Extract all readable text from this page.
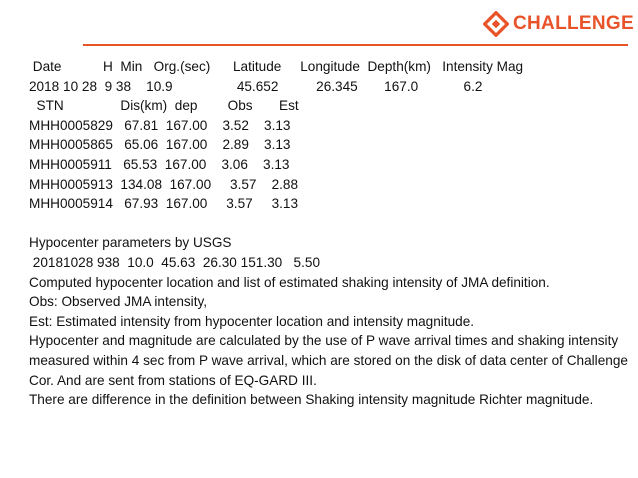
CHALLENGE
Date           H  Min   Org.(sec)      Latitude     Longitude  Depth(km)   Intensity Mag
2018 10 28  9 38    10.9                 45.652          26.345       167.0            6.2
STN               Dis(km)  dep        Obs       Est
MHH0005829   67.81  167.00    3.52    3.13
MHH0005865   65.06  167.00    2.89    3.13
MHH0005911   65.53  167.00    3.06    3.13
MHH0005913  134.08  167.00     3.57    2.88
MHH0005914   67.93  167.00     3.57     3.13
Hypocenter parameters by USGS
20181028 938  10.0  45.63  26.30 151.30   5.50
Computed hypocenter location and list of estimated shaking intensity of JMA definition.
Obs: Observed JMA intensity,
Est: Estimated intensity from hypocenter location and intensity magnitude.
Hypocenter and magnitude are calculated by the use of P wave arrival times and shaking intensity measured within 4 sec from P wave arrival, which are stored on the disk of data center of Challenge Cor. And are sent from stations of EQ-GARD III.
There are difference in the definition between Shaking intensity magnitude Richter magnitude.
